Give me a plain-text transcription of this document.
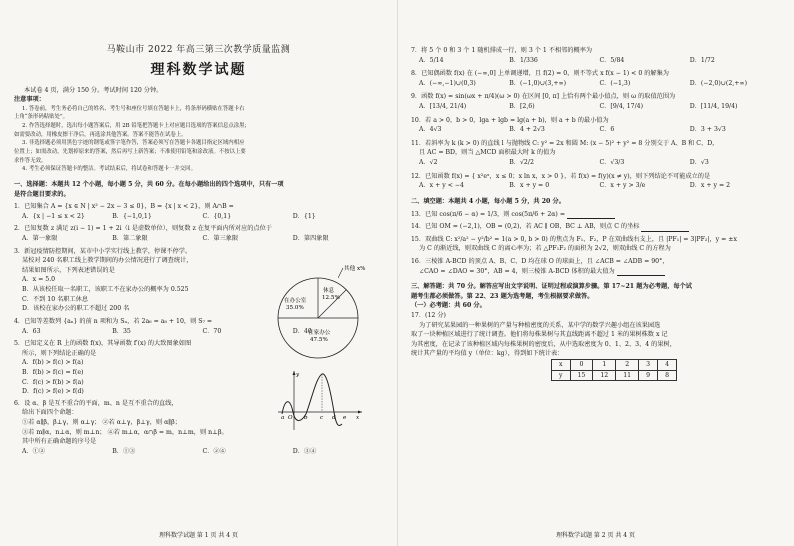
马鞍山市 2022 年高三第三次教学质量监测
理科数学试题
本试卷 4 页，满分 150 分。考试时间 120 分钟。
注意事项：
1. 答卷前，考生务必将自己的姓名、考生号和座位号填在答题卡上，将条形码横贴在答题卡右
上角“条形码粘贴处”。
2. 作答选择题时，选出每小题答案后，用 2B 铅笔把答题卡上对应题目选项的答案信息点涂黑；
如需要改动，用橡皮擦干净后，再选涂其他答案。答案不能答在试卷上。
3. 非选择题必须用黑色字迹的钢笔或签字笔作答，答案必须写在答题卡各题目指定区域内相应
位置上；如需改动，先划掉原来的答案，然后再写上新答案；不准使用铅笔和涂改液。不按以上要
求作答无效。
4. 考生必须保证答题卡的整洁。考试结束后，将试卷和答题卡一并交回。
一、选择题：本题共 12 个小题，每小题 5 分，共 60 分。在每小题给出的四个选项中，只有一项
是符合题目要求的。
1．已知集合 A = {x ∈ N | x² − 2x − 3 ≤ 0}，B = {x | x < 2}，则 A∩B =
A．{x | −1 ≤ x < 2}	B．{−1,0,1}	C．{0,1}	D．{1}
2．已知复数 z 满足 z(i − 1) = 1 + 2i（i 是虚数单位），则复数 z 在复平面内所对应的点位于
A．第一象限	B．第二象限	C．第三象限	D．第四象限
3．新冠疫情防控期间，某市中小学实行线上教学，停课不停学。
某校对 240 名职工线上教学期间的办公情况进行了调查统计，
结果如图所示，下列表述错误的是
A．x = 5.0
B．从该校任取一名职工，该职工不在家办公的概率为 0.525
C．不到 10 名职工休息
D．该校在家办公的职工不超过 200 名
4．已知等差数列 {aₙ} 的前 n 项和为 Sₙ，若 2a₆ = a₈ + 10，则 S₇ =
A．63	B．35	C．70	D．40
5．已知定义在 R 上的函数 f(x)，其导函数 f′(x) 的大致图象如图
所示，则下列结论正确的是
A．f(b) > f(c) > f(a)
B．f(b) > f(c) = f(e)
C．f(c) > f(b) > f(a)
D．f(c) > f(e) > f(d)
6．设 α、β 是互不重合的平面，m、n 是互不重合的直线，
给出下面四个命题：
①若 α∥β，β⊥γ，则 α⊥γ； ②若 α⊥γ，β⊥γ，则 α∥β；
③若 m∥α，n⊥α，则 m⊥n； ④若 m⊥α，α∩β = m，n⊥m，则 n⊥β。
其中所有正确命题的序号是
A．①②	B．①③	C．②④	D．③④
休息
12.5%
在办公室
35.0%
在家办公
47.5%
其他 x%
y
O
a	b c d e x
理科数学试题 第 1 页 共 4 页
7．将 5 个 0 和 3 个 1 随机排成一行，则 3 个 1 不相邻的概率为
A．5/14	B．1/336	C．5/84	D．1/72
8．已知偶函数 f(x) 在 (−∞,0] 上单调递增，且 f(2) = 0，则不等式 x f(x − 1) < 0 的解集为
A．(−∞,−1)∪(0,3)	B．(−1,0)∪(3,+∞)	C．(−1,3)	D．(−2,0)∪(2,+∞)
9．函数 f(x) = sin(ωx + π/4)(ω > 0) 在区间 [0, π] 上恰有两个最小值点，则 ω 的取值范围为
A．[13/4, 21/4)	B．[2,6)	C．[9/4, 17/4)	D．[11/4, 19/4)
10．若 a > 0，b > 0，lga + lgb = lg(a + b)，则 a + b 的最小值为
A．4√3	B．4 + 2√3	C．6	D．3 + 3√3
11．若斜率为 k (k > 0) 的直线 l 与抛物线 C: y² = 2x 和圆 M: (x − 5)² + y² = 8 分别交于 A、B 和 C、D，
且 AC = BD，则当 △MCD 面积最大时 k 的值为
A．√2	B．√2/2	C．√3/3	D．√3
12．已知函数 f(x) = { x²eˣ，x ≤ 0；x ln x，x > 0 }，若 f(x) = f(y)(x ≠ y)，则下列结论不可能成立的是
A．x + y < −4	B．x + y = 0	C．x + y > 3/e	D．x + y = 2
二、填空题：本题共 4 小题，每小题 5 分，共 20 分。
13．已知 cos(π/6 − α) = 1/3，则 cos(5π/6 + 2α) =
14．已知 OM = (−2,1)，OB = (0,2)，若 AC ∥ OB，BC ⊥ AB，则点 C 的坐标
15．双曲线 C: x²/a² − y²/b² = 1(a > 0, b > 0) 的焦点为 F₁、F₂，P 在双曲线右支上，且 |PF₁| = 3|PF₂|，y = ±x
为 C 的渐近线，则双曲线 C 的离心率为；若 △PF₁F₂ 的面积为 2√2，则双曲线 C 的方程为
16．三棱锥 A-BCD 的顶点 A、B、C、D 均在球 O 的球面上，且 ∠ACB = ∠ADB = 90°，
∠CAO = ∠DAO = 30°，AB = 4，则三棱锥 A-BCD 体积的最大值为
三、解答题：共 70 分。解答应写出文字说明、证明过程或演算步骤。第 17~21 题为必考题，每个试
题考生都必须做答。第 22、23 题为选考题，考生根据要求做答。
（一）必考题：共 60 分。
17．(12 分)
为了研究某果园的一种果树的产量与种植密度的关系，某中学的数学兴趣小组在该果园选
取了一块种植区域进行了统计调查。他们将每株果树与其直线距离不超过 1 米的果树株数 x 记
为其密度，在记录了该种植区域内每株果树的密度后，从中选取密度为 0、1、2、3、4 的果树，
统计其产量的平均值 y（单位：kg），得到如下统计表：
x	0	1	2	3	4
y	15	12	11	9	8
理科数学试题 第 2 页 共 4 页
